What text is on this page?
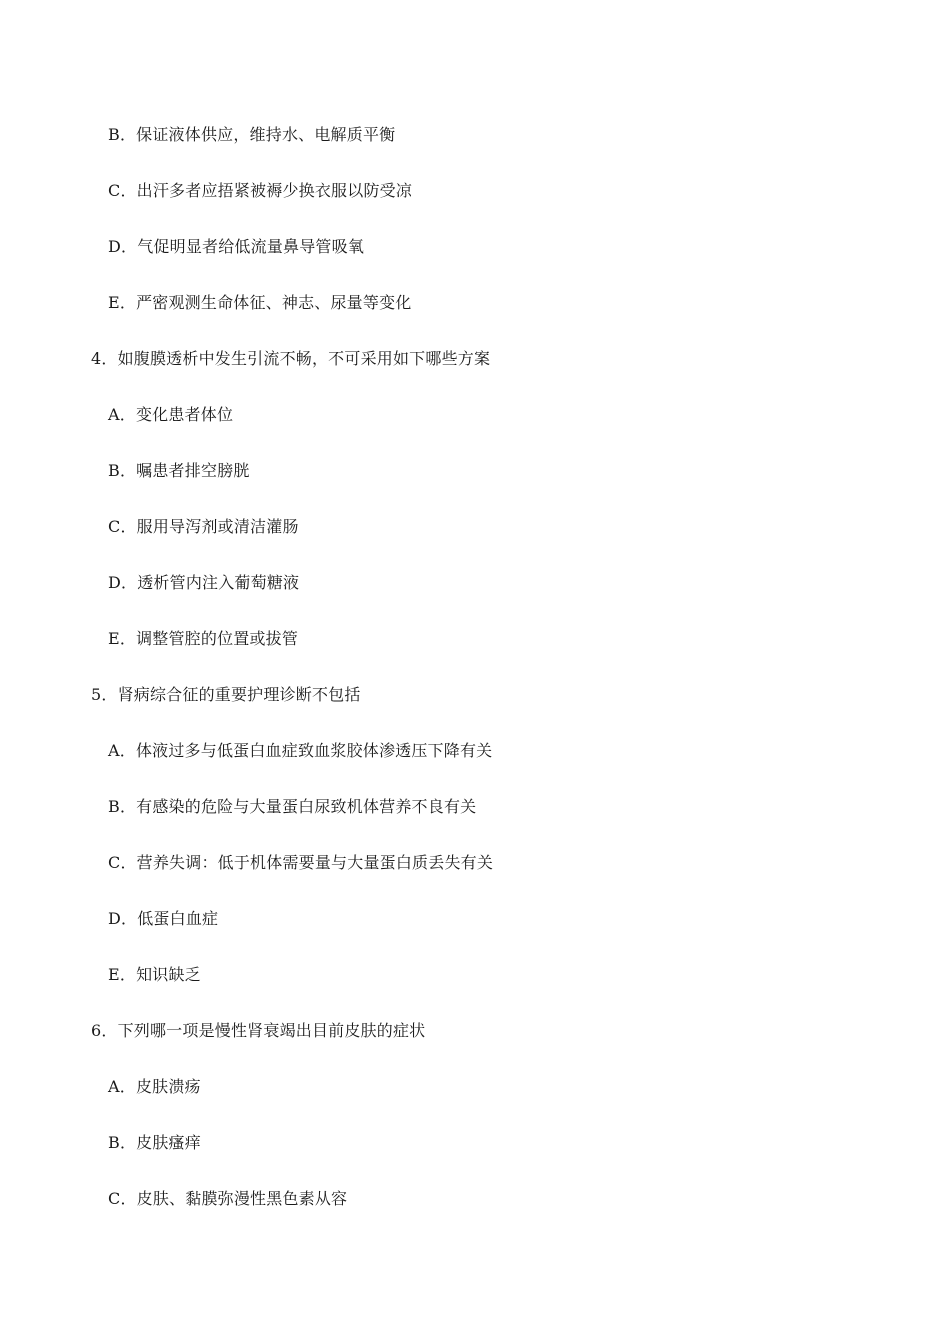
B．保证液体供应，维持水、电解质平衡
C．出汗多者应捂紧被褥少换衣服以防受凉
D．气促明显者给低流量鼻导管吸氧
E．严密观测生命体征、神志、尿量等变化
4．如腹膜透析中发生引流不畅，不可采用如下哪些方案
A．变化患者体位
B．嘱患者排空膀胱
C．服用导泻剂或清洁灌肠
D．透析管内注入葡萄糖液
E．调整管腔的位置或拔管
5．肾病综合征的重要护理诊断不包括
A．体液过多与低蛋白血症致血浆胶体渗透压下降有关
B．有感染的危险与大量蛋白尿致机体营养不良有关
C．营养失调：低于机体需要量与大量蛋白质丢失有关
D．低蛋白血症
E．知识缺乏
6．下列哪一项是慢性肾衰竭出目前皮肤的症状
A．皮肤溃疡
B．皮肤瘙痒
C．皮肤、黏膜弥漫性黑色素从容
